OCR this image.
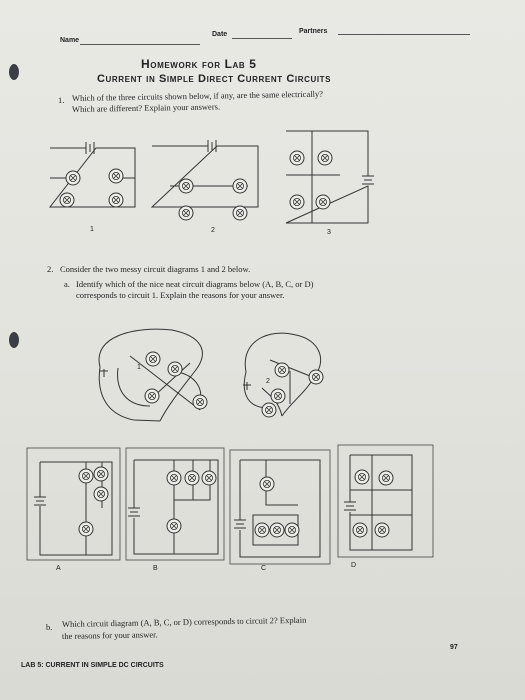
Name
Date	Partners
Homework for Lab 5
Current in Simple Direct Current Circuits
1. Which of the three circuits shown below, if any, are the same electrically?
Which are different? Explain your answers.
2. Consider the two messy circuit diagrams 1 and 2 below.
a. Identify which of the nice neat circuit diagrams below (A, B, C, or D)
corresponds to circuit 1. Explain the reasons for your answer.
b. Which circuit diagram (A, B, C, or D) corresponds to circuit 2? Explain
the reasons for your answer.
97
LAB 5: CURRENT IN SIMPLE DC CIRCUITS
1	2	3
1
2
A	B	C	D
